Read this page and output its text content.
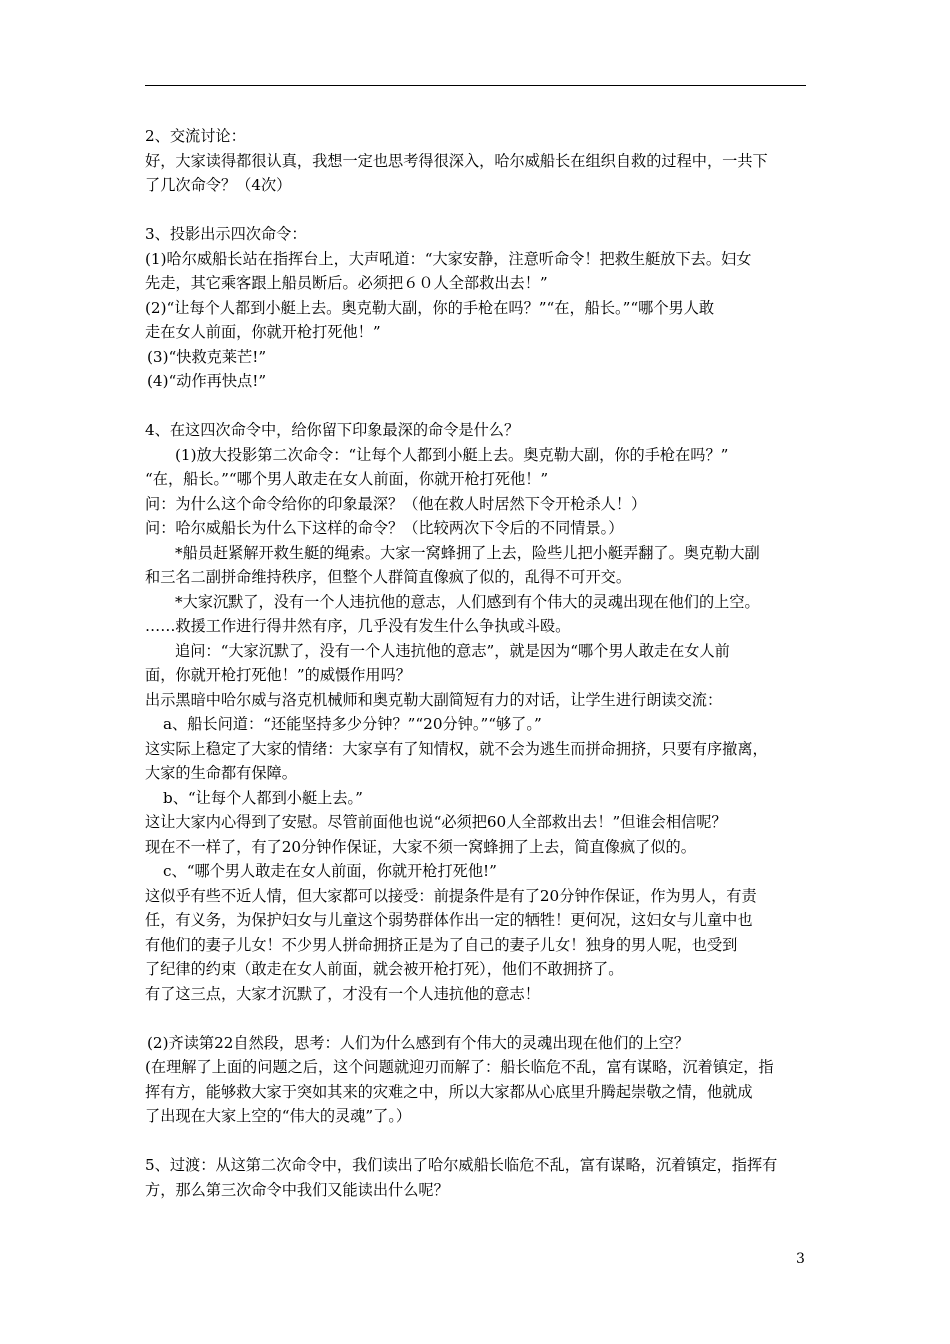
2、交流讨论：
好，大家读得都很认真，我想一定也思考得很深入，哈尔威船长在组织自救的过程中，一共下
了几次命令？（4次）
3、投影出示四次命令：
(1)哈尔威船长站在指挥台上，大声吼道：“大家安静，注意听命令！把救生艇放下去。妇女
先走，其它乘客跟上船员断后。必须把６０人全部救出去！”
(2)“让每个人都到小艇上去。奥克勒大副，你的手枪在吗？”“在，船长。”“哪个男人敢
走在女人前面，你就开枪打死他！”
(3)“快救克莱芒!”
(4)“动作再快点!”
4、在这四次命令中，给你留下印象最深的命令是什么？
(1)放大投影第二次命令：“让每个人都到小艇上去。奥克勒大副，你的手枪在吗？”
“在，船长。”“哪个男人敢走在女人前面，你就开枪打死他！”
问：为什么这个命令给你的印象最深？（他在救人时居然下令开枪杀人！）
问：哈尔威船长为什么下这样的命令？（比较两次下令后的不同情景。）
*船员赶紧解开救生艇的绳索。大家一窝蜂拥了上去，险些儿把小艇弄翻了。奥克勒大副
和三名二副拼命维持秩序，但整个人群简直像疯了似的，乱得不可开交。
*大家沉默了，没有一个人违抗他的意志，人们感到有个伟大的灵魂出现在他们的上空。
……救援工作进行得井然有序，几乎没有发生什么争执或斗殴。
追问：“大家沉默了，没有一个人违抗他的意志”，就是因为“哪个男人敢走在女人前
面，你就开枪打死他！”的威慑作用吗？
出示黑暗中哈尔威与洛克机械师和奥克勒大副简短有力的对话，让学生进行朗读交流：
a、船长问道：“还能坚持多少分钟？”“20分钟。”“够了。”
这实际上稳定了大家的情绪：大家享有了知情权，就不会为逃生而拼命拥挤，只要有序撤离，
大家的生命都有保障。
b、“让每个人都到小艇上去。”
这让大家内心得到了安慰。尽管前面他也说“必须把60人全部救出去！”但谁会相信呢？
现在不一样了，有了20分钟作保证，大家不须一窝蜂拥了上去，简直像疯了似的。
c、“哪个男人敢走在女人前面，你就开枪打死他!”
这似乎有些不近人情，但大家都可以接受：前提条件是有了20分钟作保证，作为男人，有责
任，有义务，为保护妇女与儿童这个弱势群体作出一定的牺牲！更何况，这妇女与儿童中也
有他们的妻子儿女！不少男人拼命拥挤正是为了自己的妻子儿女！独身的男人呢，也受到
了纪律的约束（敢走在女人前面，就会被开枪打死），他们不敢拥挤了。
有了这三点，大家才沉默了，才没有一个人违抗他的意志！
(2)齐读第22自然段，思考：人们为什么感到有个伟大的灵魂出现在他们的上空？
(在理解了上面的问题之后，这个问题就迎刃而解了：船长临危不乱，富有谋略，沉着镇定，指
挥有方，能够救大家于突如其来的灾难之中，所以大家都从心底里升腾起崇敬之情，他就成
了出现在大家上空的“伟大的灵魂”了。）
5、过渡：从这第二次命令中，我们读出了哈尔威船长临危不乱，富有谋略，沉着镇定，指挥有
方，那么第三次命令中我们又能读出什么呢？
3
